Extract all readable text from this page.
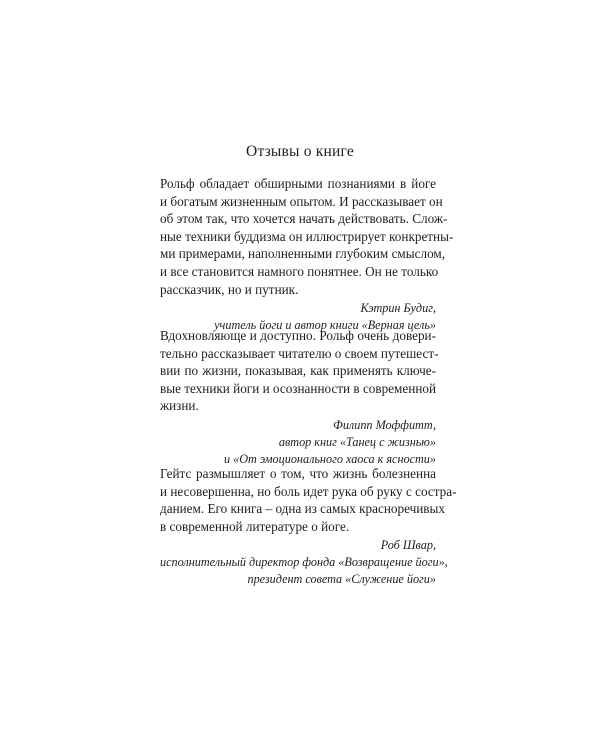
Отзывы о книге
Рольф обладает обширными познаниями в йоге
и богатым жизненным опытом. И рассказывает он
об этом так, что хочется начать действовать. Слож-
ные техники буддизма он иллюстрирует конкретны-
ми примерами, наполненными глубоким смыслом,
и все становится намного понятнее. Он не только
рассказчик, но и путник.
Кэтрин Будиг,
учитель йоги и автор книги «Верная цель»
Вдохновляюще и доступно. Рольф очень довери-
тельно рассказывает читателю о своем путешест-
вии по жизни, показывая, как применять ключе-
вые техники йоги и осознанности в современной
жизни.
Филипп Моффитт,
автор книг «Танец с жизнью»
и «От эмоционального хаоса к ясности»
Гейтс размышляет о том, что жизнь болезненна
и несовершенна, но боль идет рука об руку с состра-
данием. Его книга – одна из самых красноречивых
в современной литературе о йоге.
Роб Швар,
исполнительный директор фонда «Возвращение йоги»,
президент совета «Служение йоги»
